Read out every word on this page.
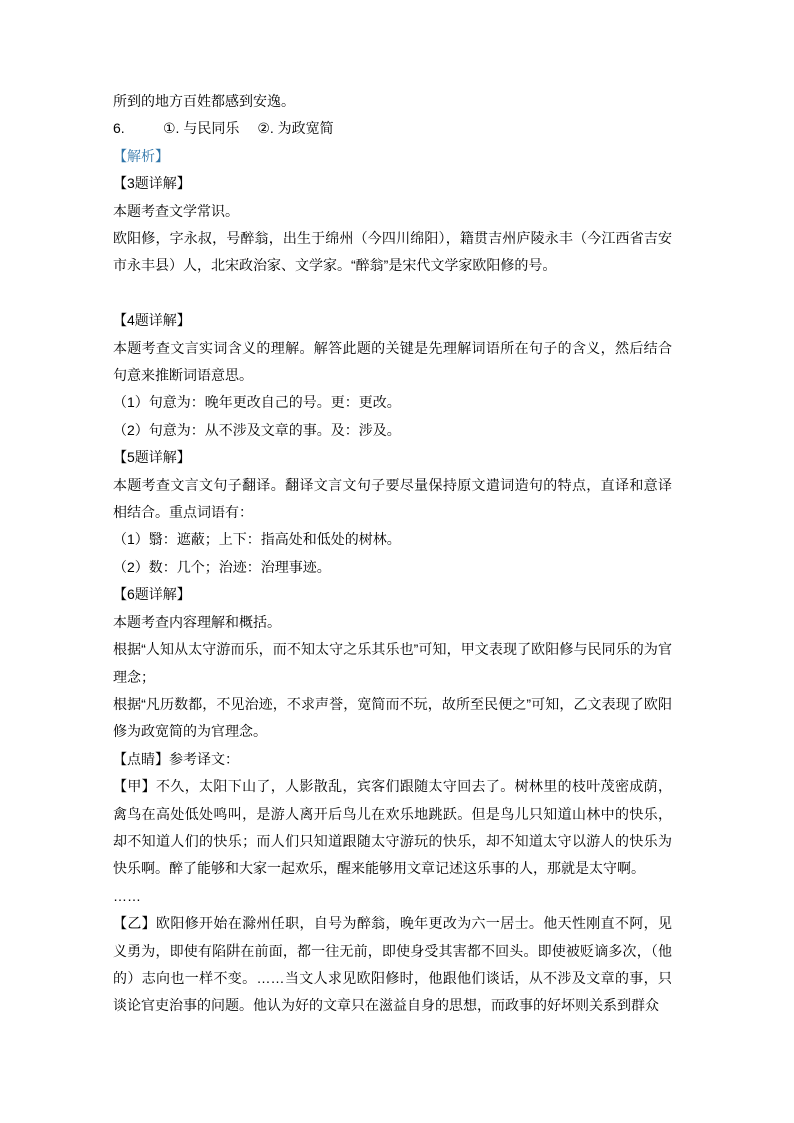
所到的地方百姓都感到安逸。

6.	①. 与民同乐 ②. 为政宽简

【解析】

【3题详解】

本题考查文学常识。

欧阳修，字永叔，号醉翁，出生于绵州（今四川绵阳），籍贯吉州庐陵永丰（今江西省吉安市永丰县）人，北宋政治家、文学家。“醉翁”是宋代文学家欧阳修的号。

【4题详解】

本题考查文言实词含义的理解。解答此题的关键是先理解词语所在句子的含义，然后结合句意来推断词语意思。

（1）句意为：晚年更改自己的号。更：更改。

（2）句意为：从不涉及文章的事。及：涉及。

【5题详解】

本题考查文言文句子翻译。翻译文言文句子要尽量保持原文遣词造句的特点，直译和意译相结合。重点词语有：

（1）翳：遮蔽；上下：指高处和低处的树林。

（2）数：几个；治迹：治理事迹。

【6题详解】

本题考查内容理解和概括。

根据“人知从太守游而乐，而不知太守之乐其乐也”可知，甲文表现了欧阳修与民同乐的为官理念；

根据“凡历数都，不见治迹，不求声誉，宽简而不玩，故所至民便之”可知，乙文表现了欧阳修为政宽简的为官理念。

【点睛】参考译文：

【甲】不久，太阳下山了，人影散乱，宾客们跟随太守回去了。树林里的枝叶茂密成荫，禽鸟在高处低处鸣叫，是游人离开后鸟儿在欢乐地跳跃。但是鸟儿只知道山林中的快乐，却不知道人们的快乐；而人们只知道跟随太守游玩的快乐，却不知道太守以游人的快乐为快乐啊。醉了能够和大家一起欢乐，醒来能够用文章记述这乐事的人，那就是太守啊。

……

【乙】欧阳修开始在滁州任职，自号为醉翁，晚年更改为六一居士。他天性刚直不阿，见义勇为，即使有陷阱在前面，都一往无前，即使身受其害都不回头。即使被贬谪多次，（他的）志向也一样不变。……当文人求见欧阳修时，他跟他们谈话，从不涉及文章的事，只谈论官吏治事的问题。他认为好的文章只在滋益自身的思想，而政事的好坏则关系到群众
